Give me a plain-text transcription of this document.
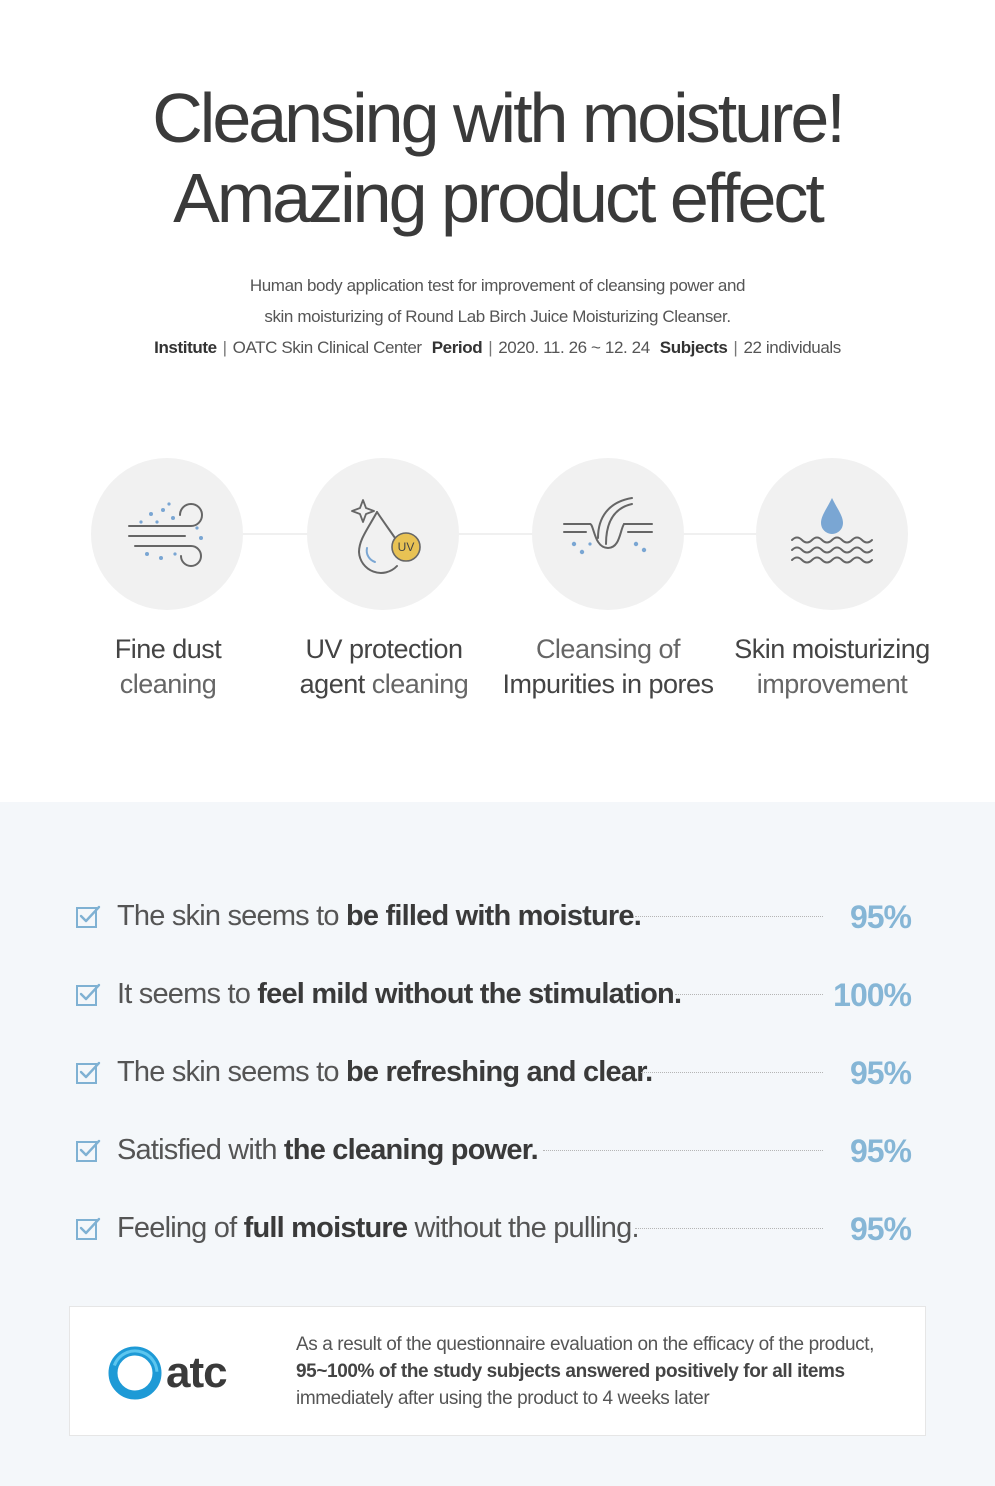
Cleansing with moisture!
Amazing product effect
Human body application test for improvement of cleansing power and
skin moisturizing of Round Lab Birch Juice Moisturizing Cleanser.
Institute | OATC Skin Clinical Center Period | 2020. 11. 26 ~ 12. 24 Subjects | 22 individuals
UV
Fine dust
cleaning
UV protection
agent cleaning
Cleansing of
Impurities in pores
Skin moisturizing
improvement
The skin seems to be filled with moisture.	95%
It seems to feel mild without the stimulation.	100%
The skin seems to be refreshing and clear.	95%
Satisfied with the cleaning power.	95%
Feeling of full moisture without the pulling.	95%
atc
As a result of the questionnaire evaluation on the efficacy of the product,
95~100% of the study subjects answered positively for all items
immediately after using the product to 4 weeks later
